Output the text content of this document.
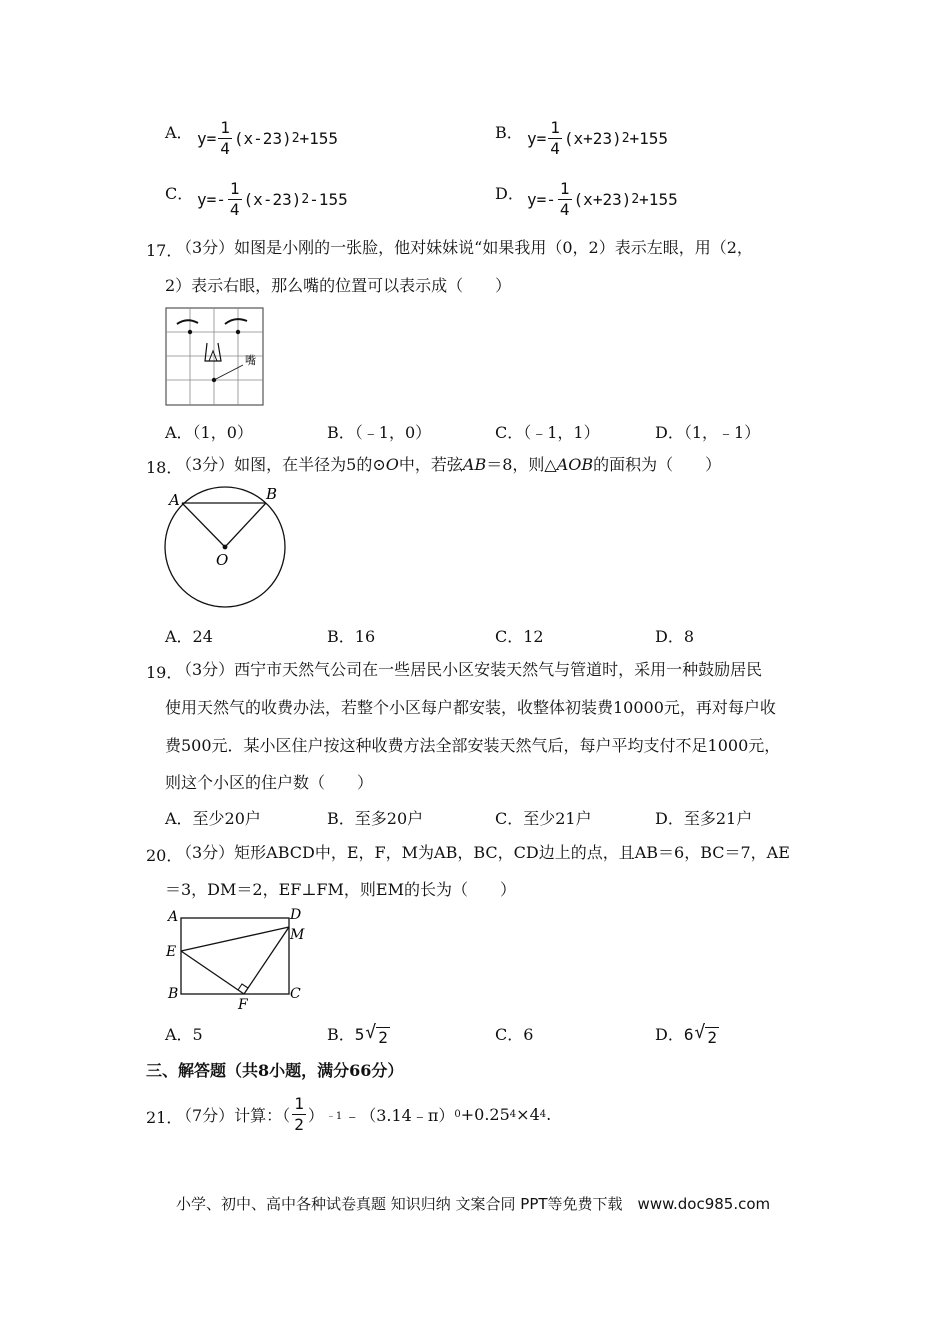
A． $y= \frac{1}{4} (x-23)$ 2 +155	B． $y= \frac{1}{4} (x+23)$ 2 +155
C． $y=- \frac{1}{4} (x-23)$ 2 -155	D． $y=- \frac{1}{4} (x+23)$ 2 +155
17．
（3分）如图是小刚的一张脸，他对妹妹说“如果我用（0，2）表示左眼，用（2，
2）表示右眼，那么嘴的位置可以表示成（　　）
嘴
A．（1，0）	B．（﹣1，0）	C．（﹣1，1）	D．（1，﹣1）
18．
（3分）如图，在半径为5的⊙O中，若弦AB＝8，则△AOB的面积为（　　）
A	B
O
A．24	B．16	C．12	D．8
19．
（3分）西宁市天然气公司在一些居民小区安装天然气与管道时，采用一种鼓励居民
使用天然气的收费办法，若整个小区每户都安装，收整体初装费10000元，再对每户收
费500元．某小区住户按这种收费方法全部安装天然气后，每户平均支付不足1000元，
则这个小区的住户数（　　）
A．至少20户	B．至多20户	C．至少21户	D．至多21户
20．
（3分）矩形ABCD中，E，F，M为AB，BC，CD边上的点，且AB＝6，BC＝7，AE
＝3，DM＝2，EF⊥FM，则EM的长为（　　）
A	D
M
E
B
F
C
A．5	B． 5 √ 2	C．6	D． 6 √ 2
三、解答题（共8小题，满分66分）
21．
（7分）计算：（ $\frac{1}{2}$ ） ﹣1 ﹣（3.14﹣π） 0 +0.25 4 ×4 4 .
小学、初中、高中各种试卷真题 知识归纳 文案合同 PPT等免费下载　www.doc985.com
